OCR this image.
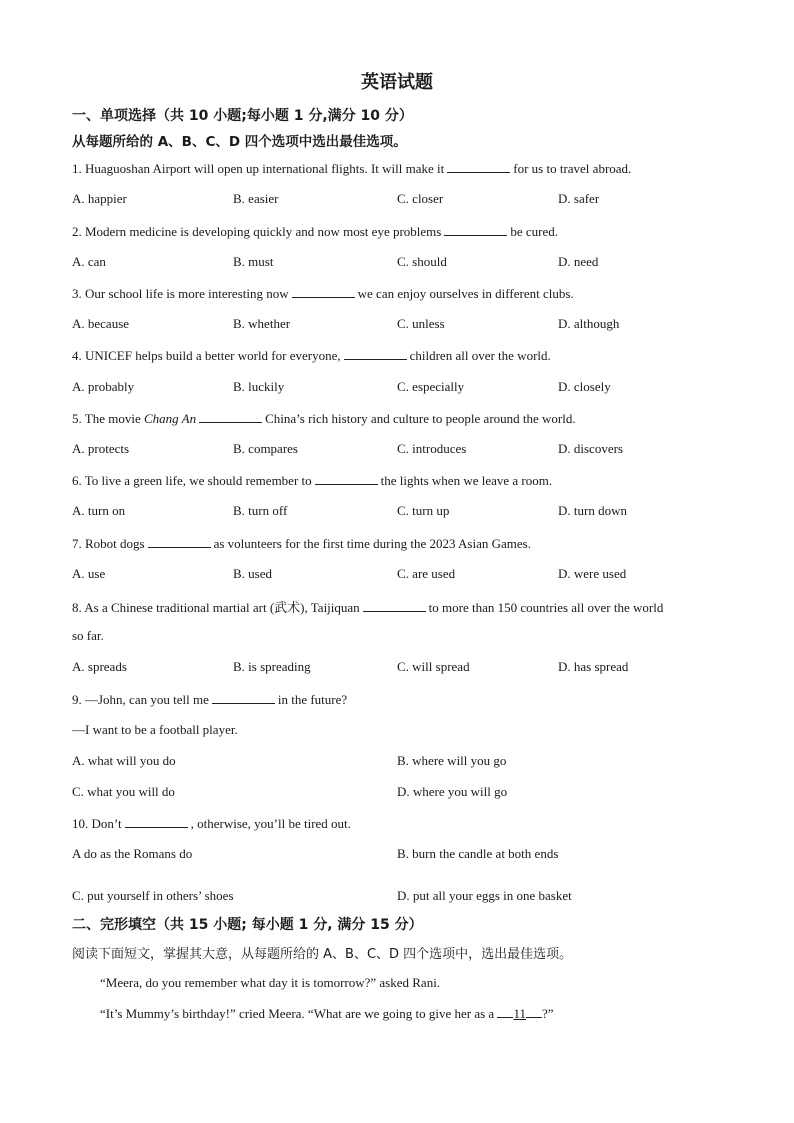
英语试题
一、单项选择（共 10 小题;每小题 1 分,满分 10 分）
从每题所给的 A、B、C、D 四个选项中选出最佳选项。
1. Huaguoshan Airport will open up international flights. It will make it	for us to travel abroad.
A. happier	B. easier	C. closer	D. safer
2. Modern medicine is developing quickly and now most eye problems	be cured.
A. can	B. must	C. should	D. need
3. Our school life is more interesting now	we can enjoy ourselves in different clubs.
A. because	B. whether	C. unless	D. although
4. UNICEF helps build a better world for everyone,	children all over the world.
A. probably	B. luckily	C. especially	D. closely
5. The movie Chang An	China’s rich history and culture to people around the world.
A. protects	B. compares	C. introduces	D. discovers
6. To live a green life, we should remember to	the lights when we leave a room.
A. turn on	B. turn off	C. turn up	D. turn down
7. Robot dogs	as volunteers for the first time during the 2023 Asian Games.
A. use	B. used	C. are used	D. were used
8. As a Chinese traditional martial art (武术), Taijiquan	to more than 150 countries all over the world
so far.
A. spreads	B. is spreading	C. will spread	D. has spread
9. —John, can you tell me	in the future?
—I want to be a football player.
A. what will you do	B. where will you go
C. what you will do	D. where you will go
10. Don’t	, otherwise, you’ll be tired out.
A do as the Romans do	B. burn the candle at both ends
C. put yourself in others’ shoes	D. put all your eggs in one basket
二、完形填空（共 15 小题; 每小题 1 分, 满分 15 分）
阅读下面短文，掌握其大意，从每题所给的 A、B、C、D 四个选项中，选出最佳选项。
“Meera, do you remember what day it is tomorrow?” asked Rani.
“It’s Mummy’s birthday!” cried Meera. “What are we going to give her as a 11 ?”
